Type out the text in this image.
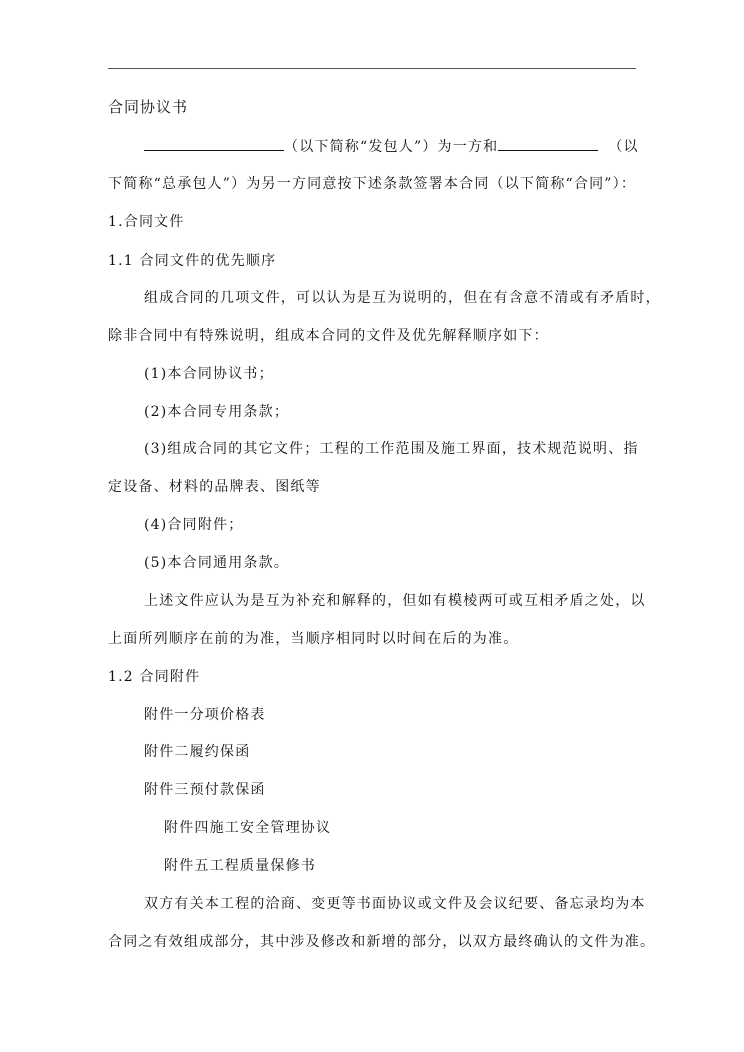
合同协议书
（以下简称“发包人”）为一方和	（以
下简称“总承包人”）为另一方同意按下述条款签署本合同（以下简称“合同”）：
1.合同文件
1.1 合同文件的优先顺序
组成合同的几项文件，可以认为是互为说明的，但在有含意不清或有矛盾时，
除非合同中有特殊说明，组成本合同的文件及优先解释顺序如下：
(1)本合同协议书；
(2)本合同专用条款；
(3)组成合同的其它文件；工程的工作范围及施工界面，技术规范说明、指
定设备、材料的品牌表、图纸等
(4)合同附件；
(5)本合同通用条款。
上述文件应认为是互为补充和解释的，但如有模棱两可或互相矛盾之处，以
上面所列顺序在前的为准，当顺序相同时以时间在后的为准。
1.2 合同附件
附件一分项价格表
附件二履约保函
附件三预付款保函
附件四施工安全管理协议
附件五工程质量保修书
双方有关本工程的洽商、变更等书面协议或文件及会议纪要、备忘录均为本
合同之有效组成部分，其中涉及修改和新增的部分，以双方最终确认的文件为准。
